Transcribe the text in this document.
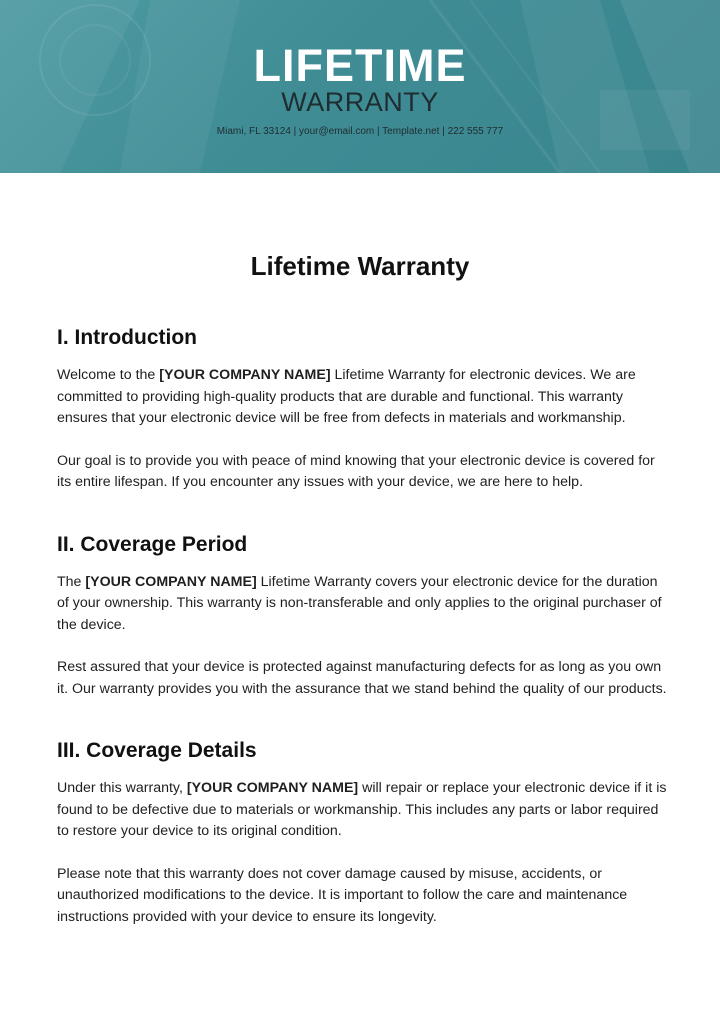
LIFETIME
WARRANTY
Miami, FL 33124 | your@email.com | Template.net | 222 555 777
Lifetime Warranty
I. Introduction

Welcome to the [YOUR COMPANY NAME] Lifetime Warranty for electronic devices. We are committed to providing high-quality products that are durable and functional. This warranty ensures that your electronic device will be free from defects in materials and workmanship.

Our goal is to provide you with peace of mind knowing that your electronic device is covered for its entire lifespan. If you encounter any issues with your device, we are here to help.

II. Coverage Period

The [YOUR COMPANY NAME] Lifetime Warranty covers your electronic device for the duration of your ownership. This warranty is non-transferable and only applies to the original purchaser of the device.

Rest assured that your device is protected against manufacturing defects for as long as you own it. Our warranty provides you with the assurance that we stand behind the quality of our products.

III. Coverage Details

Under this warranty, [YOUR COMPANY NAME] will repair or replace your electronic device if it is found to be defective due to materials or workmanship. This includes any parts or labor required to restore your device to its original condition.

Please note that this warranty does not cover damage caused by misuse, accidents, or unauthorized modifications to the device. It is important to follow the care and maintenance instructions provided with your device to ensure its longevity.
